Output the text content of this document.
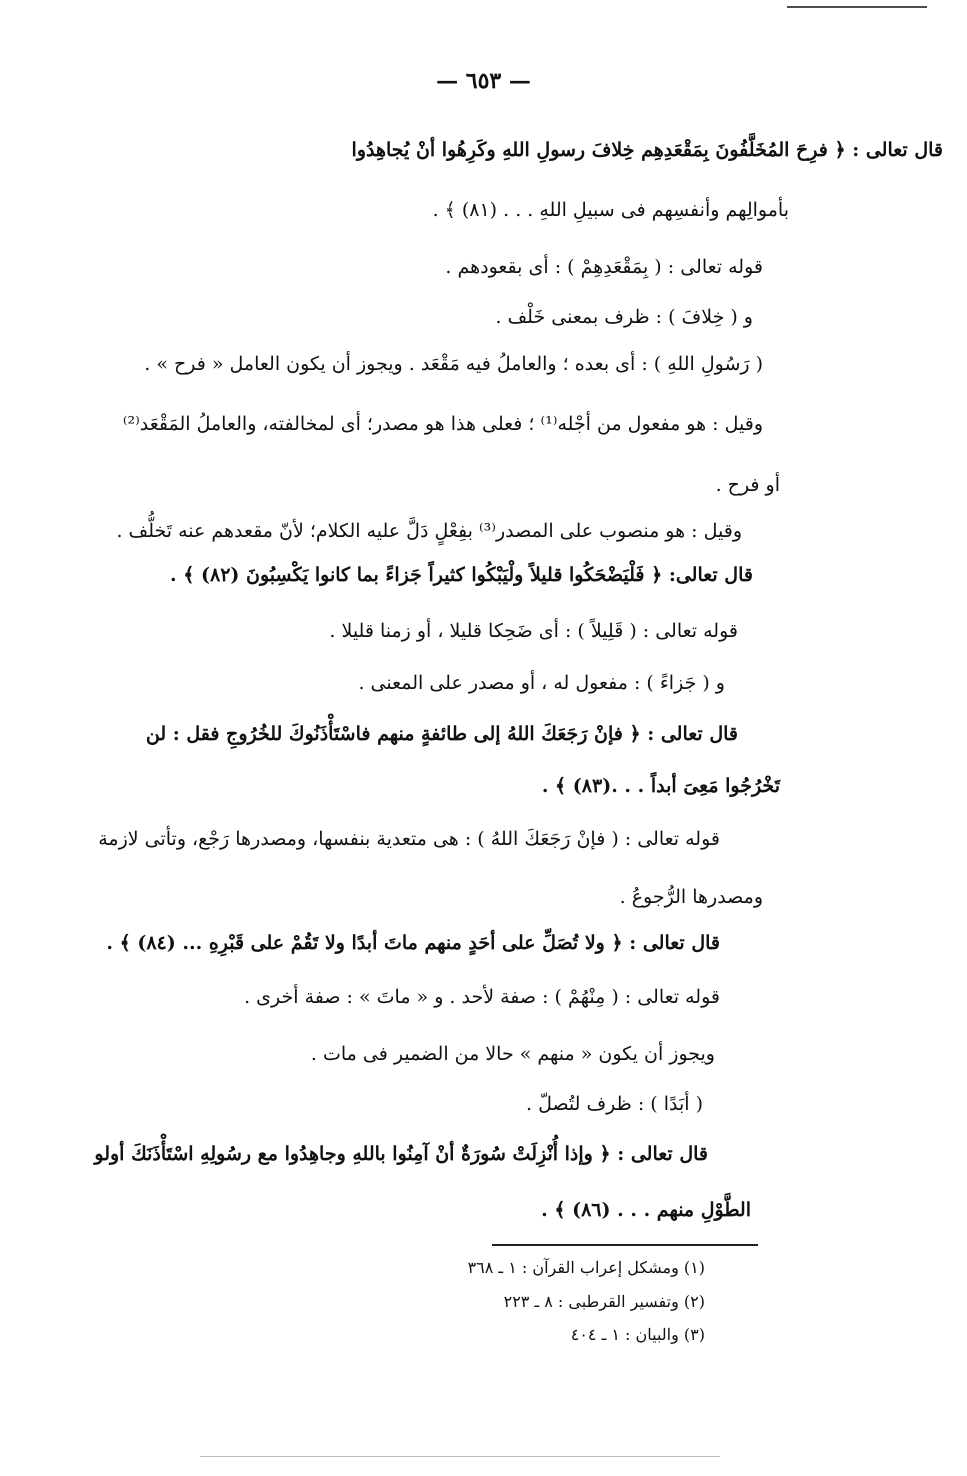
— ٦٥٣ —
قال تعالى : ﴿ فرِحَ المُخَلَّفُونَ بِمَقْعَدِهِم خِلافَ رسولِ اللهِ وكَرِهُوا أنْ يُجاهِدُوا
بأموالِهم وأنفسِهم فى سبيلِ اللهِ . . . (٨١) ﴾ .
قوله تعالى : ( بِمَقْعَدِهِمْ ) : أى بقعودهم .
و ( خِلافَ ) : ظرف بمعنى خَلْف .
( رَسُولِ اللهِ ) : أى بعده ؛ والعاملُ فيه مَقْعَد . ويجوز أن يكون العامل « فرح » .
وقيل : هو مفعول من أجْله⁽¹⁾ ؛ فعلى هذا هو مصدر؛ أى لمخالفته، والعاملُ المَقْعَد⁽²⁾
أو فرح .
وقيل : هو منصوب على المصدر⁽³⁾ بفِعْلٍ دَلَّ عليه الكلام؛ لأنّ مقعدهم عنه تَخلُّف .
قال تعالى: ﴿ فَلْيَضْحَكُوا قليلاً ولْيَبْكُوا كثيراً جَزاءً بما كانوا يَكْسِبُونَ (٨٢) ﴾ .
قوله تعالى : ( قَلِيلاً ) : أى ضَحِكا قليلا ، أو زمنا قليلا .
و ( جَزاءً ) : مفعول له ، أو مصدر على المعنى .
قال تعالى : ﴿ فإنْ رَجَعَكَ اللهُ إلى طائفةٍ منهم فاسْتَأْذَنُوكَ للخُرُوجِ فقل : لن
تَخْرُجُوا مَعِىَ أبداً . . .(٨٣) ﴾ .
قوله تعالى : ( فإنْ رَجَعَكَ اللهُ ) : هى متعدية بنفسها، ومصدرها رَجْع، وتأتى لازمة
ومصدرها الرُّجوعُ .
قال تعالى : ﴿ ولا تُصَلِّ على أحَدٍ منهم ماتَ أبدًا ولا تَقُمْ على قَبْرِهِ ... (٨٤) ﴾ .
قوله تعالى : ( مِنْهُمْ ) : صفة لأحد . و « ماتَ » : صفة أخرى .
ويجوز أن يكون « منهم » حالا من الضمير فى مات .
( أبَدًا ) : ظرف لتُصلّ .
قال تعالى : ﴿ وإذا أُنْزِلَتْ سُورَةٌ أنْ آمِنُوا باللهِ وجاهِدُوا مع رسُولِهِ اسْتَأْذَنَكَ أولو
الطَّوْلِ منهم . . . (٨٦) ﴾ .
(١) ومشكل إعراب القرآن : ١ ـ ٣٦٨
(٢) وتفسير القرطبى : ٨ ـ ٢٢٣
(٣) والبيان : ١ ـ ٤٠٤
